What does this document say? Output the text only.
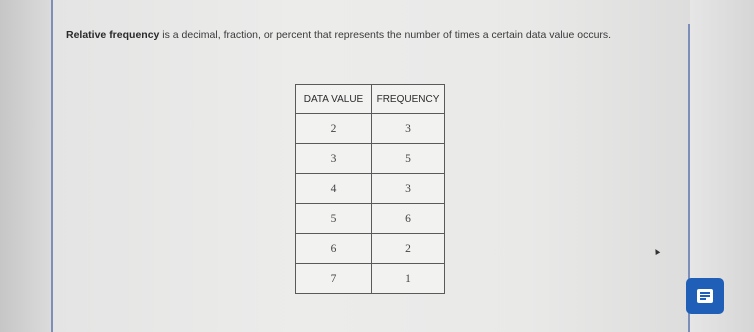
Relative frequency is a decimal, fraction, or percent that represents the number of times a certain data value occurs.

DATA VALUE	FREQUENCY
2	3
3	5
4	3
5	6
6	2
7	1
▲
